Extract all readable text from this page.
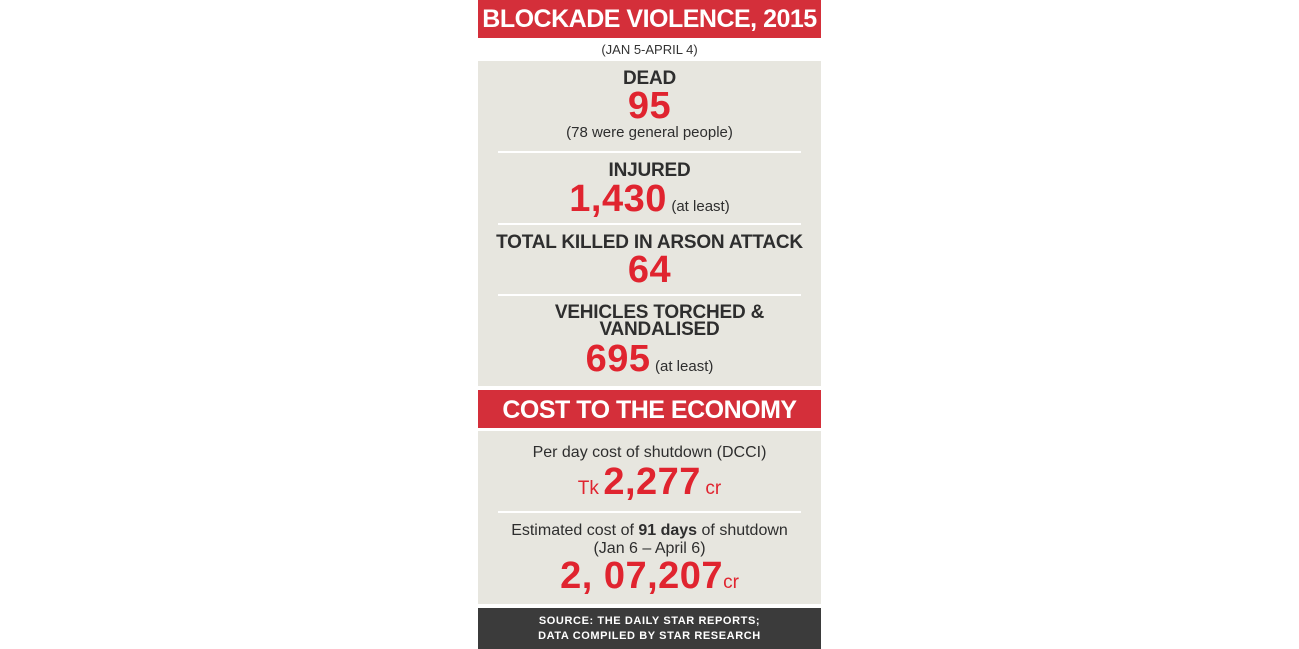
BLOCKADE VIOLENCE, 2015
(JAN 5-APRIL 4)
DEAD
95
(78 were general people)
INJURED
1,430 (at least)
TOTAL KILLED IN ARSON ATTACK
64
VEHICLES TORCHED &
VANDALISED
695 (at least)
COST TO THE ECONOMY
Per day cost of shutdown (DCCI)
Tk 2,277 cr
Estimated cost of 91 days of shutdown
(Jan 6 – April 6)
2, 07,207cr
SOURCE: THE DAILY STAR REPORTS;
DATA COMPILED BY STAR RESEARCH
